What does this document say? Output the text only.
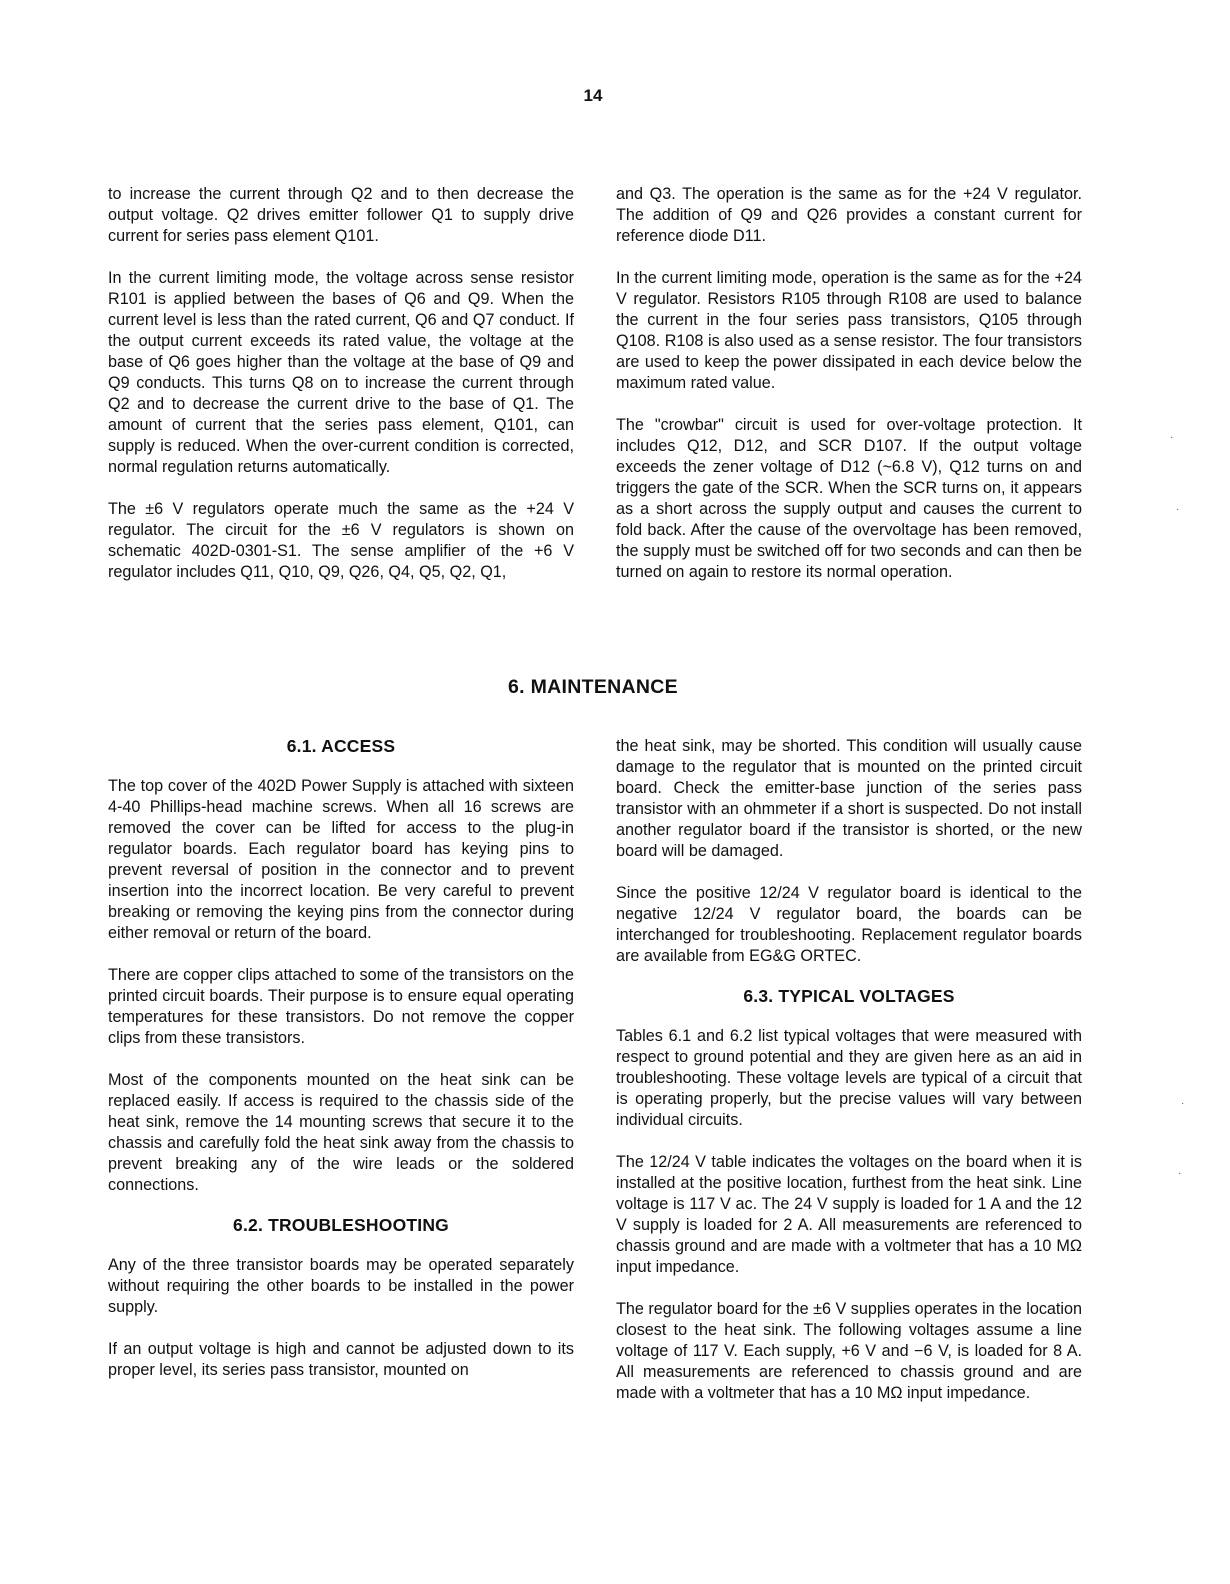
14

to increase the current through Q2 and to then decrease the output voltage. Q2 drives emitter follower Q1 to supply drive current for series pass element Q101.

In the current limiting mode, the voltage across sense resistor R101 is applied between the bases of Q6 and Q9. When the current level is less than the rated current, Q6 and Q7 conduct. If the output current exceeds its rated value, the voltage at the base of Q6 goes higher than the voltage at the base of Q9 and Q9 conducts. This turns Q8 on to increase the current through Q2 and to decrease the current drive to the base of Q1. The amount of current that the series pass element, Q101, can supply is reduced. When the over-current condition is corrected, normal regulation returns automatically.

The ±6 V regulators operate much the same as the +24 V regulator. The circuit for the ±6 V regulators is shown on schematic 402D-0301-S1. The sense amplifier of the +6 V regulator includes Q11, Q10, Q9, Q26, Q4, Q5, Q2, Q1,

and Q3. The operation is the same as for the +24 V regulator. The addition of Q9 and Q26 provides a constant current for reference diode D11.

In the current limiting mode, operation is the same as for the +24 V regulator. Resistors R105 through R108 are used to balance the current in the four series pass transistors, Q105 through Q108. R108 is also used as a sense resistor. The four transistors are used to keep the power dissipated in each device below the maximum rated value.

The "crowbar" circuit is used for over-voltage protection. It includes Q12, D12, and SCR D107. If the output voltage exceeds the zener voltage of D12 (~6.8 V), Q12 turns on and triggers the gate of the SCR. When the SCR turns on, it appears as a short across the supply output and causes the current to fold back. After the cause of the overvoltage has been removed, the supply must be switched off for two seconds and can then be turned on again to restore its normal operation.

6. MAINTENANCE
6.1. ACCESS

The top cover of the 402D Power Supply is attached with sixteen 4-40 Phillips-head machine screws. When all 16 screws are removed the cover can be lifted for access to the plug-in regulator boards. Each regulator board has keying pins to prevent reversal of position in the connector and to prevent insertion into the incorrect location. Be very careful to prevent breaking or removing the keying pins from the connector during either removal or return of the board.

There are copper clips attached to some of the transistors on the printed circuit boards. Their purpose is to ensure equal operating temperatures for these transistors. Do not remove the copper clips from these transistors.

Most of the components mounted on the heat sink can be replaced easily. If access is required to the chassis side of the heat sink, remove the 14 mounting screws that secure it to the chassis and carefully fold the heat sink away from the chassis to prevent breaking any of the wire leads or the soldered connections.

6.2. TROUBLESHOOTING

Any of the three transistor boards may be operated separately without requiring the other boards to be installed in the power supply.

If an output voltage is high and cannot be adjusted down to its proper level, its series pass transistor, mounted on

the heat sink, may be shorted. This condition will usually cause damage to the regulator that is mounted on the printed circuit board. Check the emitter-base junction of the series pass transistor with an ohmmeter if a short is suspected. Do not install another regulator board if the transistor is shorted, or the new board will be damaged.

Since the positive 12/24 V regulator board is identical to the negative 12/24 V regulator board, the boards can be interchanged for troubleshooting. Replacement regulator boards are available from EG&G ORTEC.

6.3. TYPICAL VOLTAGES

Tables 6.1 and 6.2 list typical voltages that were measured with respect to ground potential and they are given here as an aid in troubleshooting. These voltage levels are typical of a circuit that is operating properly, but the precise values will vary between individual circuits.

The 12/24 V table indicates the voltages on the board when it is installed at the positive location, furthest from the heat sink. Line voltage is 117 V ac. The 24 V supply is loaded for 1 A and the 12 V supply is loaded for 2 A. All measurements are referenced to chassis ground and are made with a voltmeter that has a 10 MΩ input impedance.

The regulator board for the ±6 V supplies operates in the location closest to the heat sink. The following voltages assume a line voltage of 117 V. Each supply, +6 V and −6 V, is loaded for 8 A. All measurements are referenced to chassis ground and are made with a voltmeter that has a 10 MΩ input impedance.

·
·
·
·
